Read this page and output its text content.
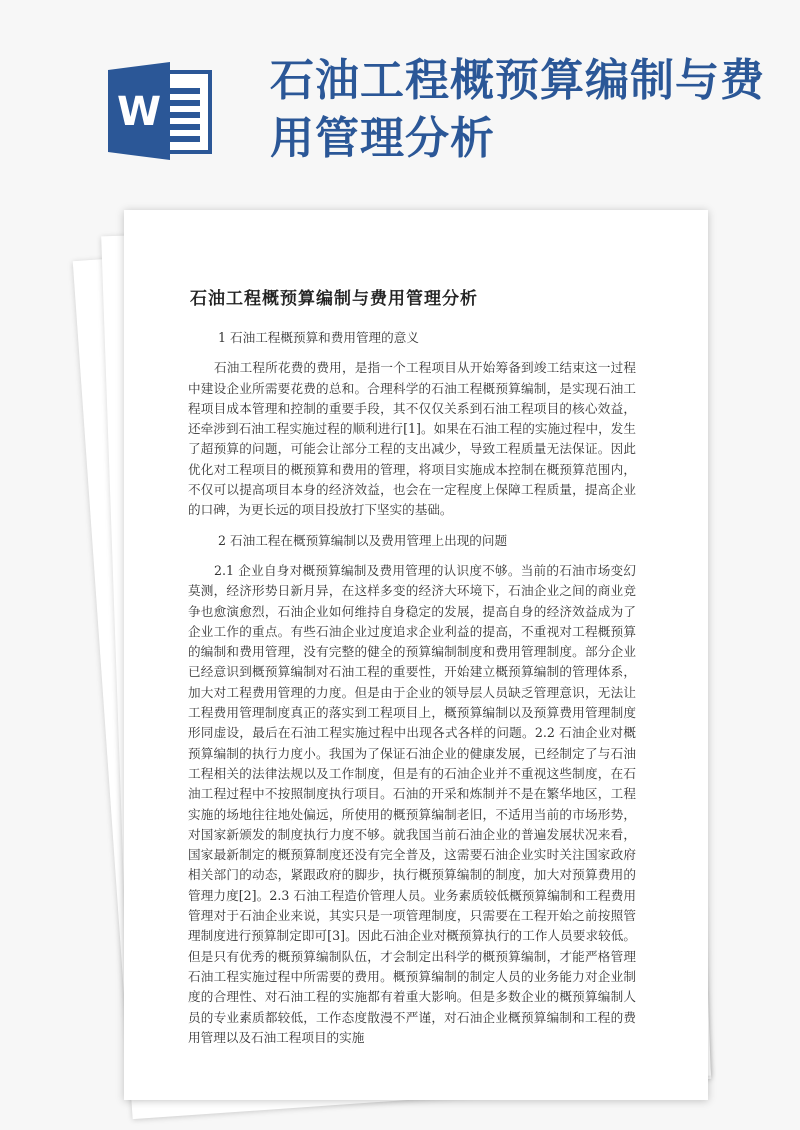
W
石油工程概预算编制与费用管理分析
石油工程概预算编制与费用管理分析

1 石油工程概预算和费用管理的意义

石油工程所花费的费用，是指一个工程项目从开始筹备到竣工结束这一过程中建设企业所需要花费的总和。合理科学的石油工程概预算编制，是实现石油工程项目成本管理和控制的重要手段，其不仅仅关系到石油工程项目的核心效益，还牵涉到石油工程实施过程的顺利进行[1]。如果在石油工程的实施过程中，发生了超预算的问题，可能会让部分工程的支出减少，导致工程质量无法保证。因此优化对工程项目的概预算和费用的管理，将项目实施成本控制在概预算范围内，不仅可以提高项目本身的经济效益，也会在一定程度上保障工程质量，提高企业的口碑，为更长远的项目投放打下坚实的基础。

2 石油工程在概预算编制以及费用管理上出现的问题

2.1 企业自身对概预算编制及费用管理的认识度不够。当前的石油市场变幻莫测，经济形势日新月异，在这样多变的经济大环境下，石油企业之间的商业竞争也愈演愈烈，石油企业如何维持自身稳定的发展，提高自身的经济效益成为了企业工作的重点。有些石油企业过度追求企业利益的提高，不重视对工程概预算的编制和费用管理，没有完整的健全的预算编制制度和费用管理制度。部分企业已经意识到概预算编制对石油工程的重要性，开始建立概预算编制的管理体系，加大对工程费用管理的力度。但是由于企业的领导层人员缺乏管理意识，无法让工程费用管理制度真正的落实到工程项目上，概预算编制以及预算费用管理制度形同虚设，最后在石油工程实施过程中出现各式各样的问题。2.2 石油企业对概预算编制的执行力度小。我国为了保证石油企业的健康发展，已经制定了与石油工程相关的法律法规以及工作制度，但是有的石油企业并不重视这些制度，在石油工程过程中不按照制度执行项目。石油的开采和炼制并不是在繁华地区，工程实施的场地往往地处偏远，所使用的概预算编制老旧，不适用当前的市场形势，对国家新颁发的制度执行力度不够。就我国当前石油企业的普遍发展状况来看，国家最新制定的概预算制度还没有完全普及，这需要石油企业实时关注国家政府相关部门的动态，紧跟政府的脚步，执行概预算编制的制度，加大对预算费用的管理力度[2]。2.3 石油工程造价管理人员。业务素质较低概预算编制和工程费用管理对于石油企业来说，其实只是一项管理制度，只需要在工程开始之前按照管理制度进行预算制定即可[3]。因此石油企业对概预算执行的工作人员要求较低。但是只有优秀的概预算编制队伍，才会制定出科学的概预算编制，才能严格管理石油工程实施过程中所需要的费用。概预算编制的制定人员的业务能力对企业制度的合理性、对石油工程的实施都有着重大影响。但是多数企业的概预算编制人员的专业素质都较低，工作态度散漫不严谨，对石油企业概预算编制和工程的费用管理以及石油工程项目的实施
